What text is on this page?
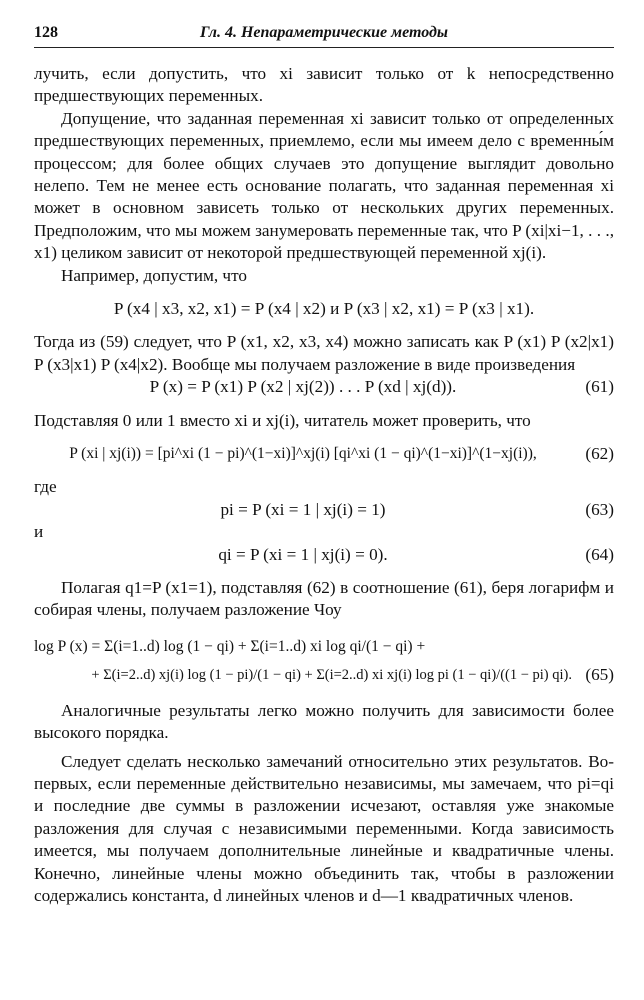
128	Гл. 4. Непараметрические методы

лучить, если допустить, что xi зависит только от k непосредственно предшествующих переменных.

Допущение, что заданная переменная xi зависит только от определенных предшествующих переменных, приемлемо, если мы имеем дело с временны́м процессом; для более общих случаев это допущение выглядит довольно нелепо. Тем не менее есть основание полагать, что заданная переменная xi может в основном зависеть только от нескольких других переменных. Предположим, что мы можем занумеровать переменные так, что P (xi|xi−1, . . ., x1) целиком зависит от некоторой предшествующей переменной xj(i).

Например, допустим, что

P (x4 | x3, x2, x1) = P (x4 | x2) и P (x3 | x2, x1) = P (x3 | x1).

Тогда из (59) следует, что P (x1, x2, x3, x4) можно записать как P (x1) P (x2|x1) P (x3|x1) P (x4|x2). Вообще мы получаем разложение в виде произведения

P (x) = P (x1) P (x2 | xj(2)) . . . P (xd | xj(d)).	(61)

Подставляя 0 или 1 вместо xi и xj(i), читатель может проверить, что

P (xi | xj(i)) = [pi^xi (1 − pi)^(1−xi)]^xj(i) [qi^xi (1 − qi)^(1−xi)]^(1−xj(i)),	(62)

где

pi = P (xi = 1 | xj(i) = 1)	(63)

и

qi = P (xi = 1 | xj(i) = 0).	(64)

Полагая q1=P (x1=1), подставляя (62) в соотношение (61), беря логарифм и собирая члены, получаем разложение Чоу

log P (x) = Σ(i=1..d) log (1 − qi) + Σ(i=1..d) xi log qi/(1 − qi) +
+ Σ(i=2..d) xj(i) log (1 − pi)/(1 − qi) + Σ(i=2..d) xi xj(i) log pi (1 − qi)/((1 − pi) qi). (65)

Аналогичные результаты легко можно получить для зависимости более высокого порядка.

Следует сделать несколько замечаний относительно этих результатов. Во-первых, если переменные действительно независимы, мы замечаем, что pi=qi и последние две суммы в разложении исчезают, оставляя уже знакомые разложения для случая с независимыми переменными. Когда зависимость имеется, мы получаем дополнительные линейные и квадратичные члены. Конечно, линейные члены можно объединить так, чтобы в разложении содержались константа, d линейных членов и d—1 квадратичных членов.
